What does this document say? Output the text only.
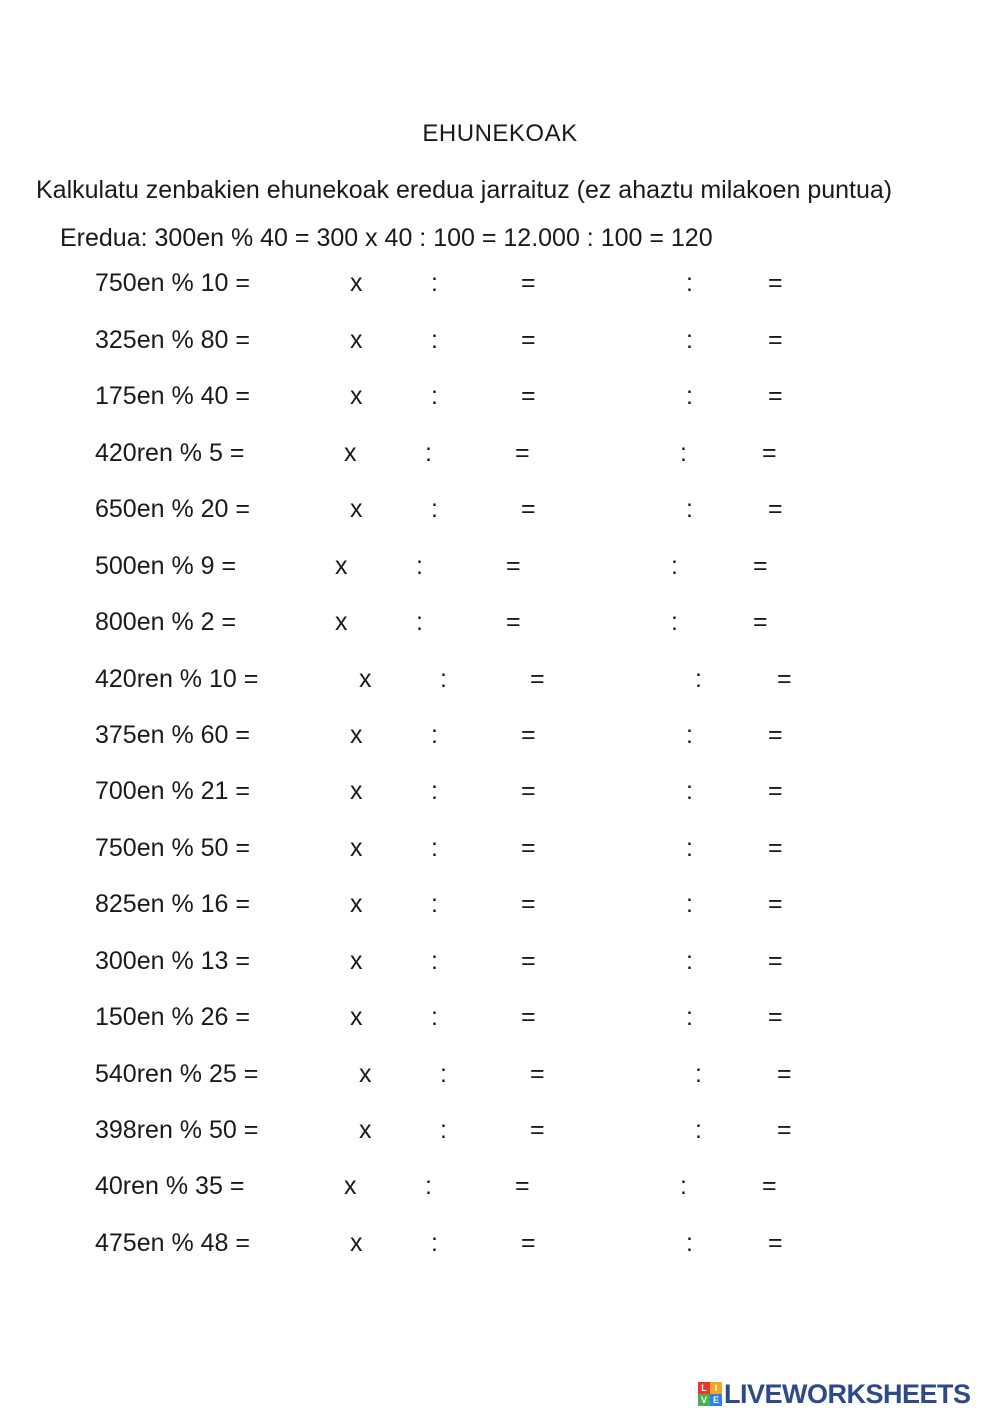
EHUNEKOAK
Kalkulatu zenbakien ehunekoak eredua jarraituz (ez ahaztu milakoen puntua)
Eredua: 300en % 40 = 300 x 40 : 100 = 12.000 : 100 = 120
750en % 10 =	x	:	=	:	=
325en % 80 =	x	:	=	:	=
175en % 40 =	x	:	=	:	=
420ren % 5 =	x	:	=	:	=
650en % 20 =	x	:	=	:	=
500en % 9 =	x	:	=	:	=
800en % 2 =	x	:	=	:	=
420ren % 10 =	x	:	=	:	=
375en % 60 =	x	:	=	:	=
700en % 21 =	x	:	=	:	=
750en % 50 =	x	:	=	:	=
825en % 16 =	x	:	=	:	=
300en % 13 =	x	:	=	:	=
150en % 26 =	x	:	=	:	=
540ren % 25 =	x	:	=	:	=
398ren % 50 =	x	:	=	:	=
40ren % 35 =	x	:	=	:	=
475en % 48 =	x	:	=	:	=
L I
V E LIVEWORKSHEETS
